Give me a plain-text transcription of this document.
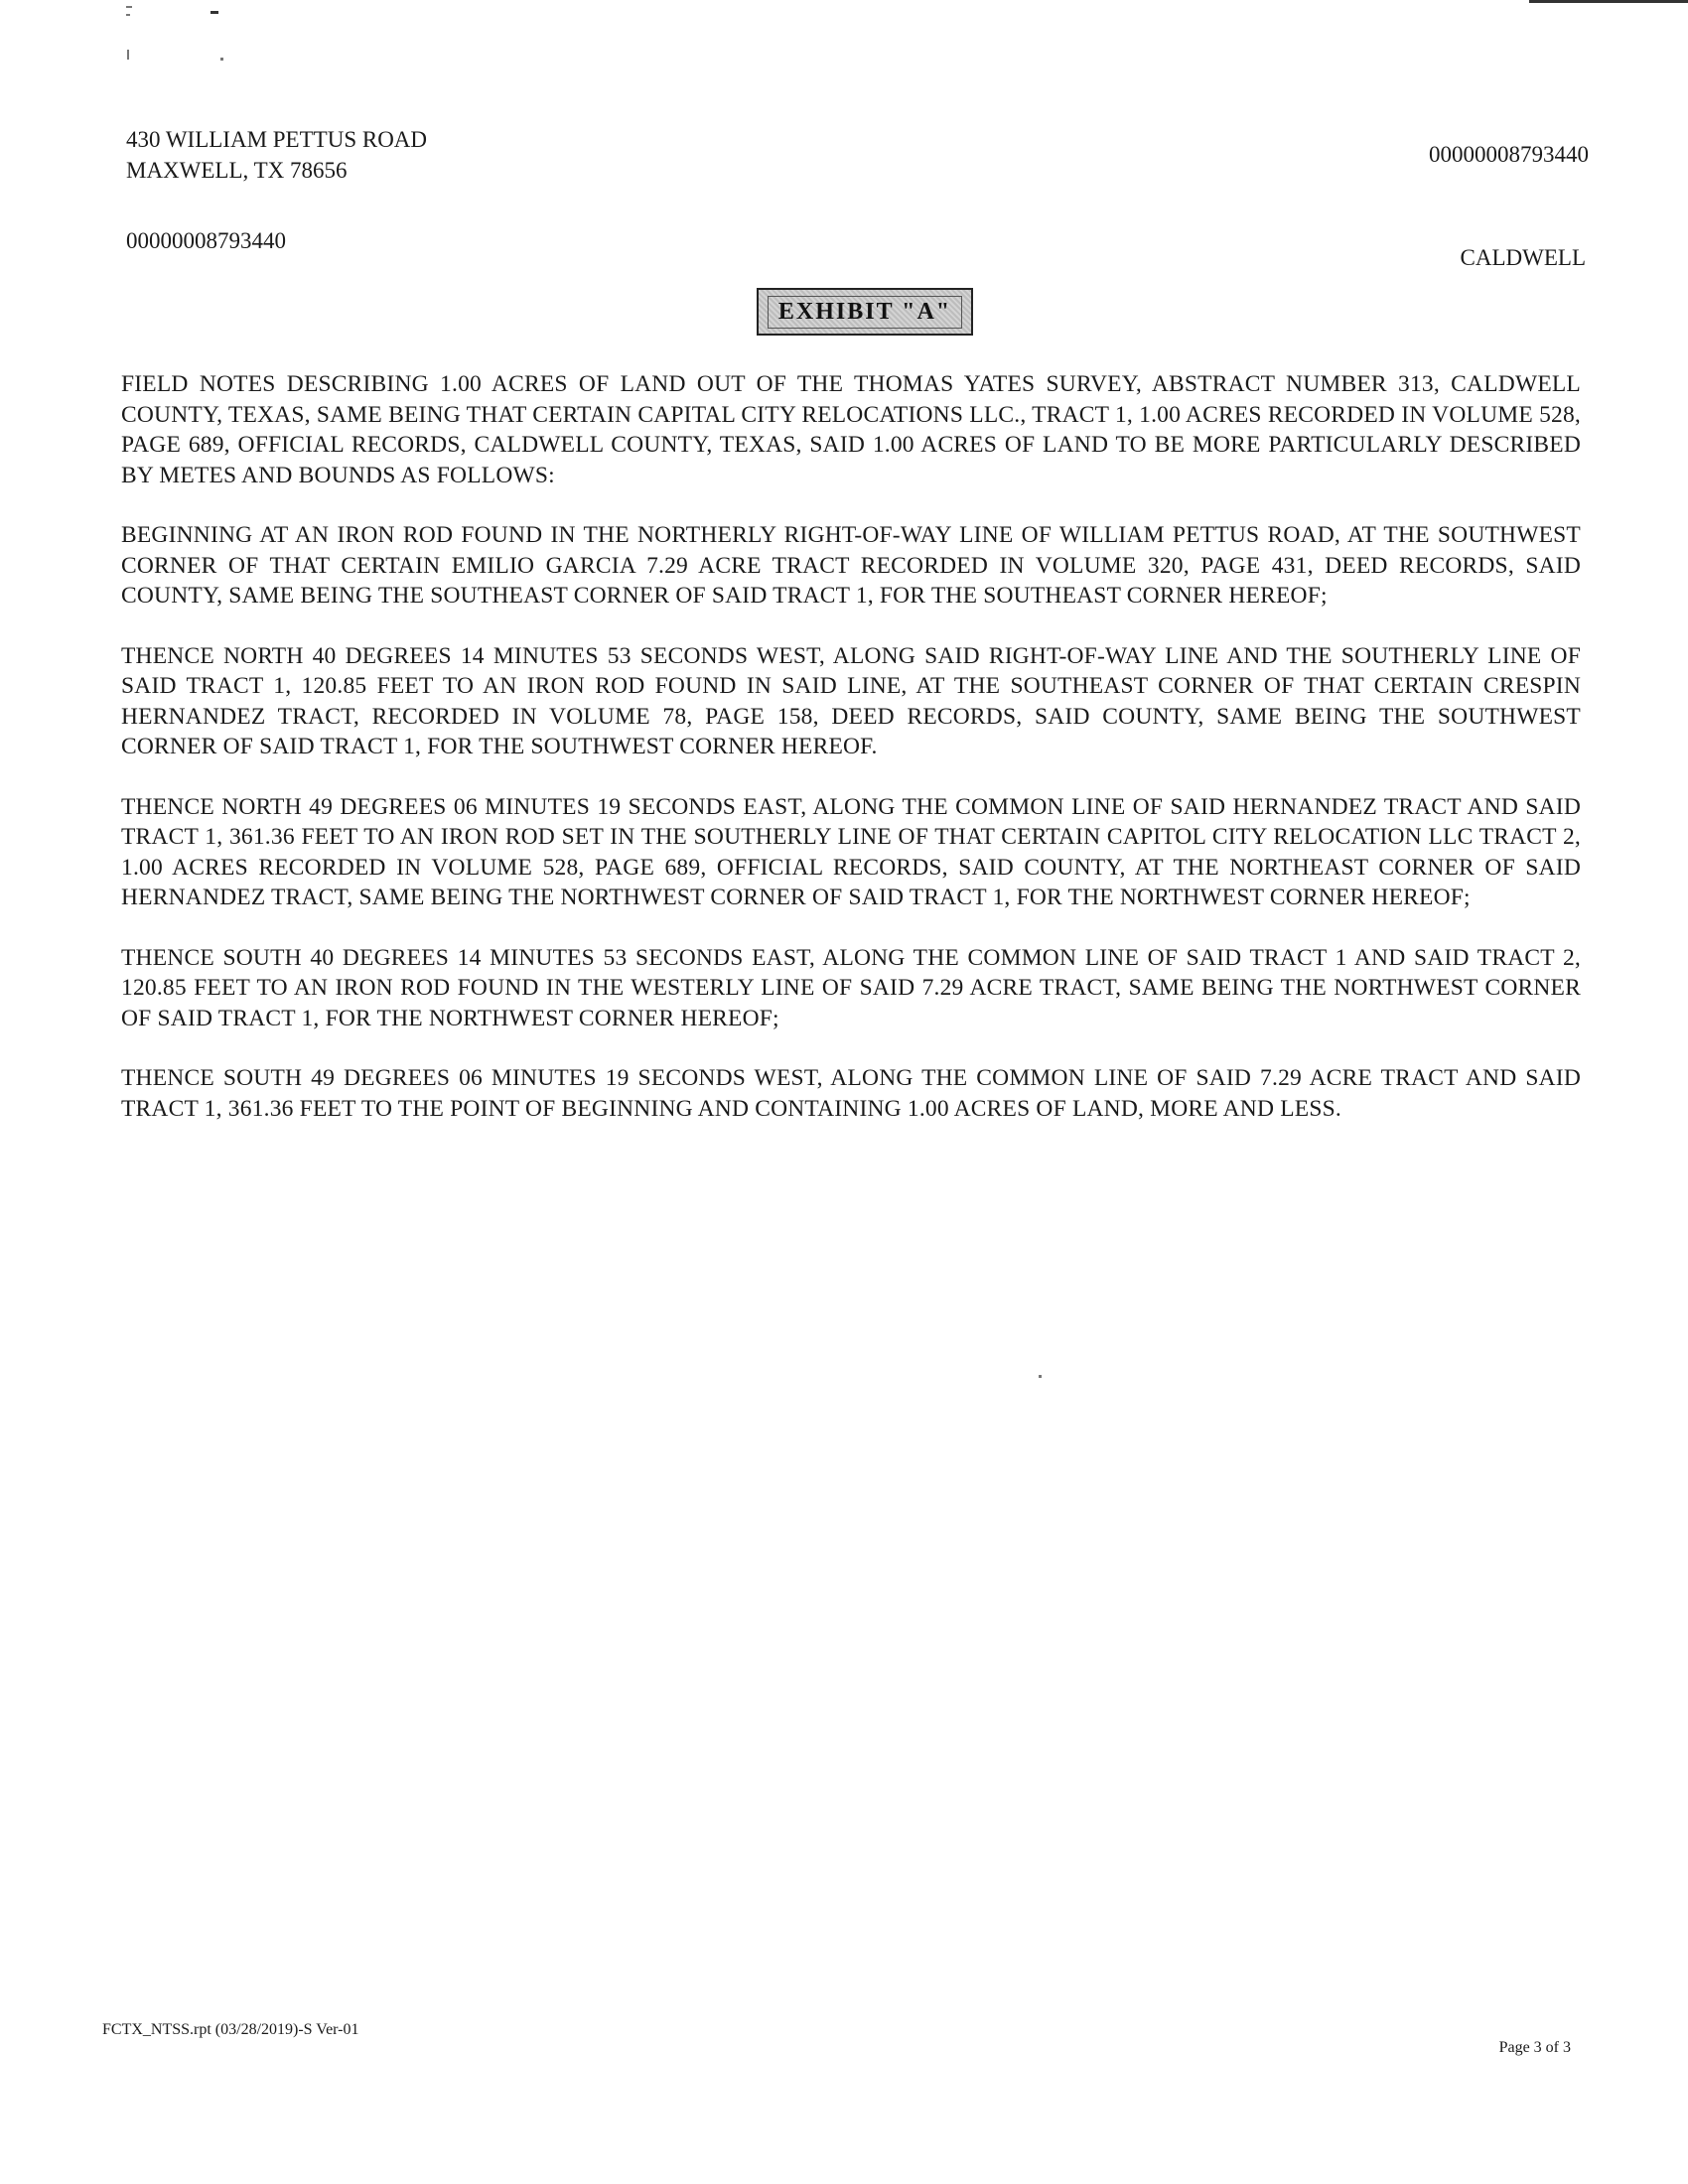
430 WILLIAM PETTUS ROAD
MAXWELL, TX 78656
00000008793440
00000008793440
CALDWELL
EXHIBIT "A"

FIELD NOTES DESCRIBING 1.00 ACRES OF LAND OUT OF THE THOMAS YATES SURVEY, ABSTRACT NUMBER 313, CALDWELL COUNTY, TEXAS, SAME BEING THAT CERTAIN CAPITAL CITY RELOCATIONS LLC., TRACT 1, 1.00 ACRES RECORDED IN VOLUME 528, PAGE 689, OFFICIAL RECORDS, CALDWELL COUNTY, TEXAS, SAID 1.00 ACRES OF LAND TO BE MORE PARTICULARLY DESCRIBED BY METES AND BOUNDS AS FOLLOWS:

BEGINNING AT AN IRON ROD FOUND IN THE NORTHERLY RIGHT-OF-WAY LINE OF WILLIAM PETTUS ROAD, AT THE SOUTHWEST CORNER OF THAT CERTAIN EMILIO GARCIA 7.29 ACRE TRACT RECORDED IN VOLUME 320, PAGE 431, DEED RECORDS, SAID COUNTY, SAME BEING THE SOUTHEAST CORNER OF SAID TRACT 1, FOR THE SOUTHEAST CORNER HEREOF;

THENCE NORTH 40 DEGREES 14 MINUTES 53 SECONDS WEST, ALONG SAID RIGHT-OF-WAY LINE AND THE SOUTHERLY LINE OF SAID TRACT 1, 120.85 FEET TO AN IRON ROD FOUND IN SAID LINE, AT THE SOUTHEAST CORNER OF THAT CERTAIN CRESPIN HERNANDEZ TRACT, RECORDED IN VOLUME 78, PAGE 158, DEED RECORDS, SAID COUNTY, SAME BEING THE SOUTHWEST CORNER OF SAID TRACT 1, FOR THE SOUTHWEST CORNER HEREOF.

THENCE NORTH 49 DEGREES 06 MINUTES 19 SECONDS EAST, ALONG THE COMMON LINE OF SAID HERNANDEZ TRACT AND SAID TRACT 1, 361.36 FEET TO AN IRON ROD SET IN THE SOUTHERLY LINE OF THAT CERTAIN CAPITOL CITY RELOCATION LLC TRACT 2, 1.00 ACRES RECORDED IN VOLUME 528, PAGE 689, OFFICIAL RECORDS, SAID COUNTY, AT THE NORTHEAST CORNER OF SAID HERNANDEZ TRACT, SAME BEING THE NORTHWEST CORNER OF SAID TRACT 1, FOR THE NORTHWEST CORNER HEREOF;

THENCE SOUTH 40 DEGREES 14 MINUTES 53 SECONDS EAST, ALONG THE COMMON LINE OF SAID TRACT 1 AND SAID TRACT 2, 120.85 FEET TO AN IRON ROD FOUND IN THE WESTERLY LINE OF SAID 7.29 ACRE TRACT, SAME BEING THE NORTHWEST CORNER OF SAID TRACT 1, FOR THE NORTHWEST CORNER HEREOF;

THENCE SOUTH 49 DEGREES 06 MINUTES 19 SECONDS WEST, ALONG THE COMMON LINE OF SAID 7.29 ACRE TRACT AND SAID TRACT 1, 361.36 FEET TO THE POINT OF BEGINNING AND CONTAINING 1.00 ACRES OF LAND, MORE AND LESS.

FCTX_NTSS.rpt (03/28/2019)-S Ver-01
Page 3 of 3
